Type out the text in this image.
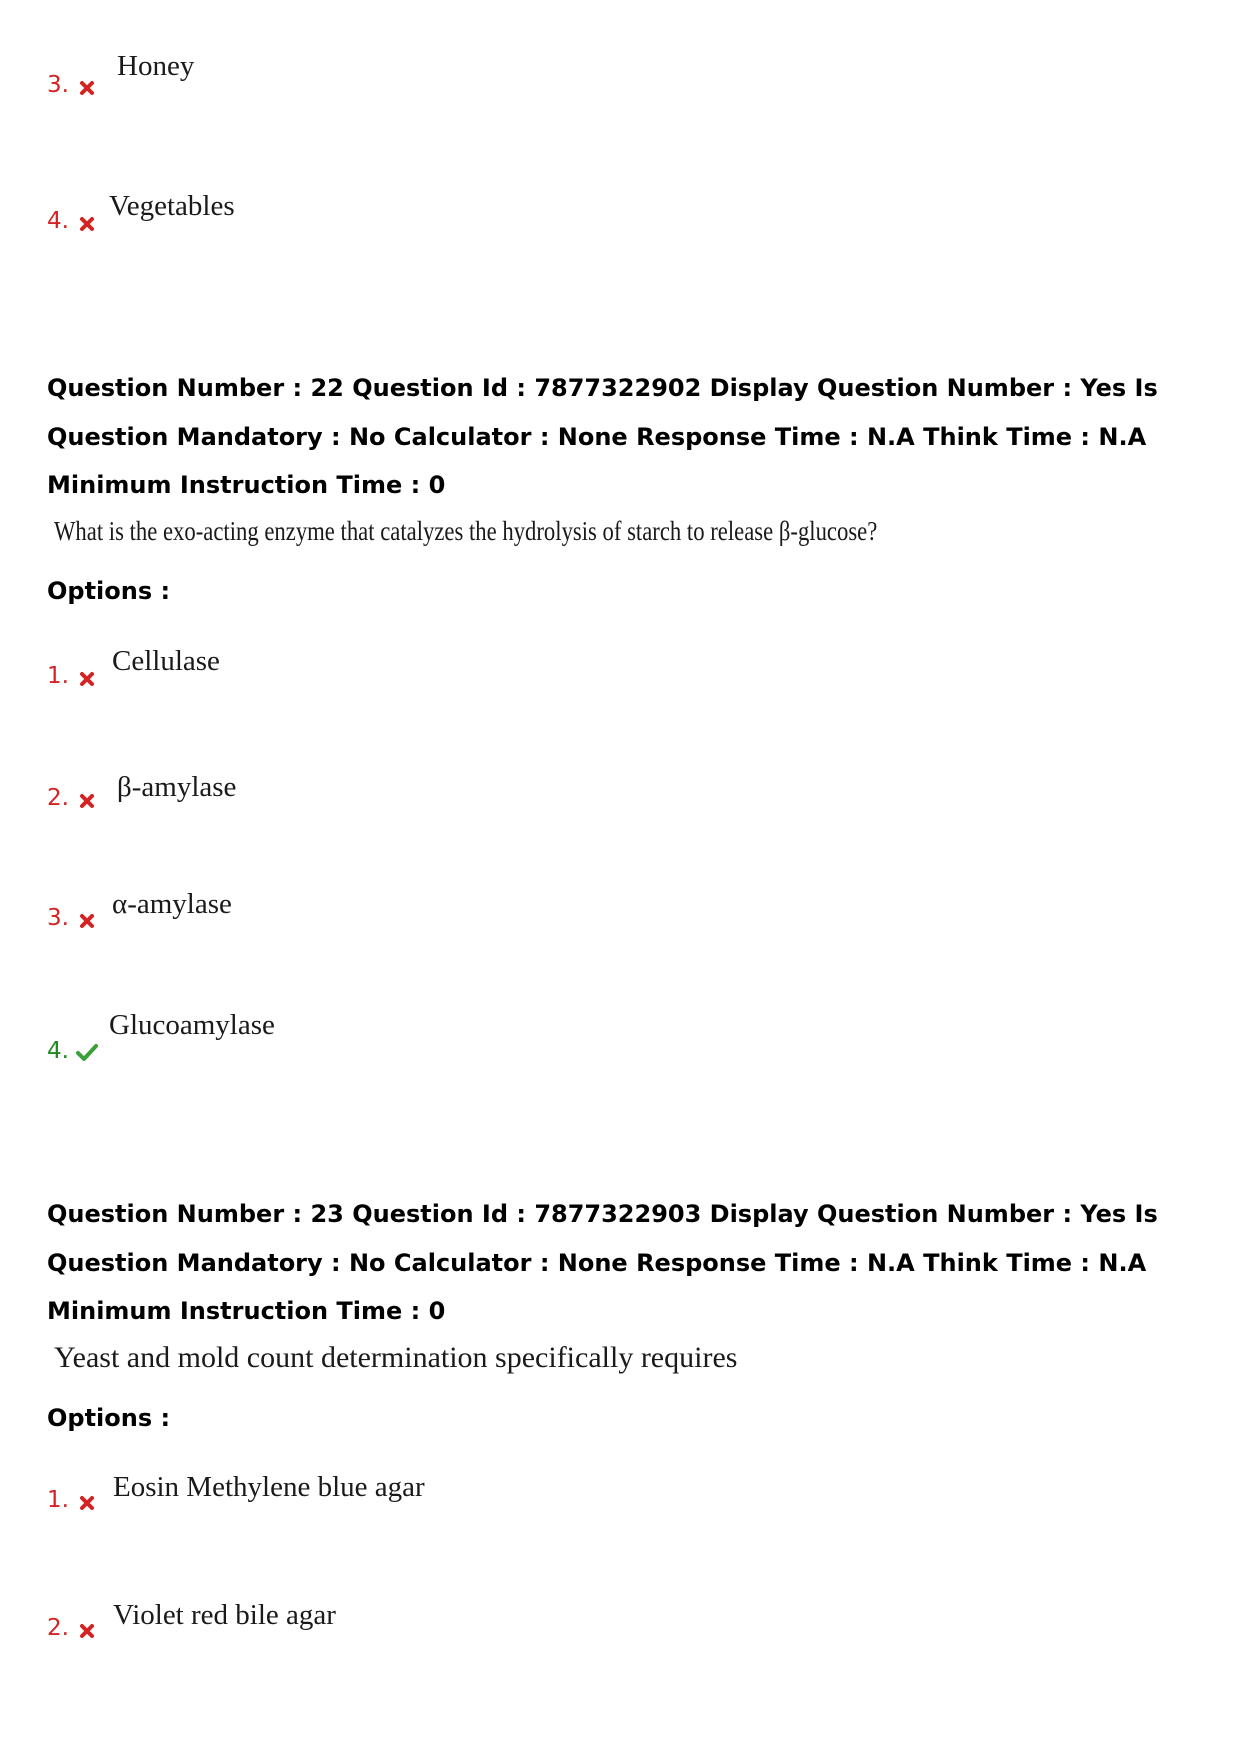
3.
Honey
4. Vegetables

Question Number : 22 Question Id : 7877322902 Display Question Number : Yes Is Question Mandatory : No Calculator : None Response Time : N.A Think Time : N.A Minimum Instruction Time : 0

What is the exo-acting enzyme that catalyzes the hydrolysis of starch to release β-glucose?

Options :

1. Cellulase
2. β-amylase
3. α-amylase
4.
Glucoamylase

Question Number : 23 Question Id : 7877322903 Display Question Number : Yes Is Question Mandatory : No Calculator : None Response Time : N.A Think Time : N.A Minimum Instruction Time : 0

Yeast and mold count determination specifically requires

Options :

1. Eosin Methylene blue agar
2. Violet red bile agar
